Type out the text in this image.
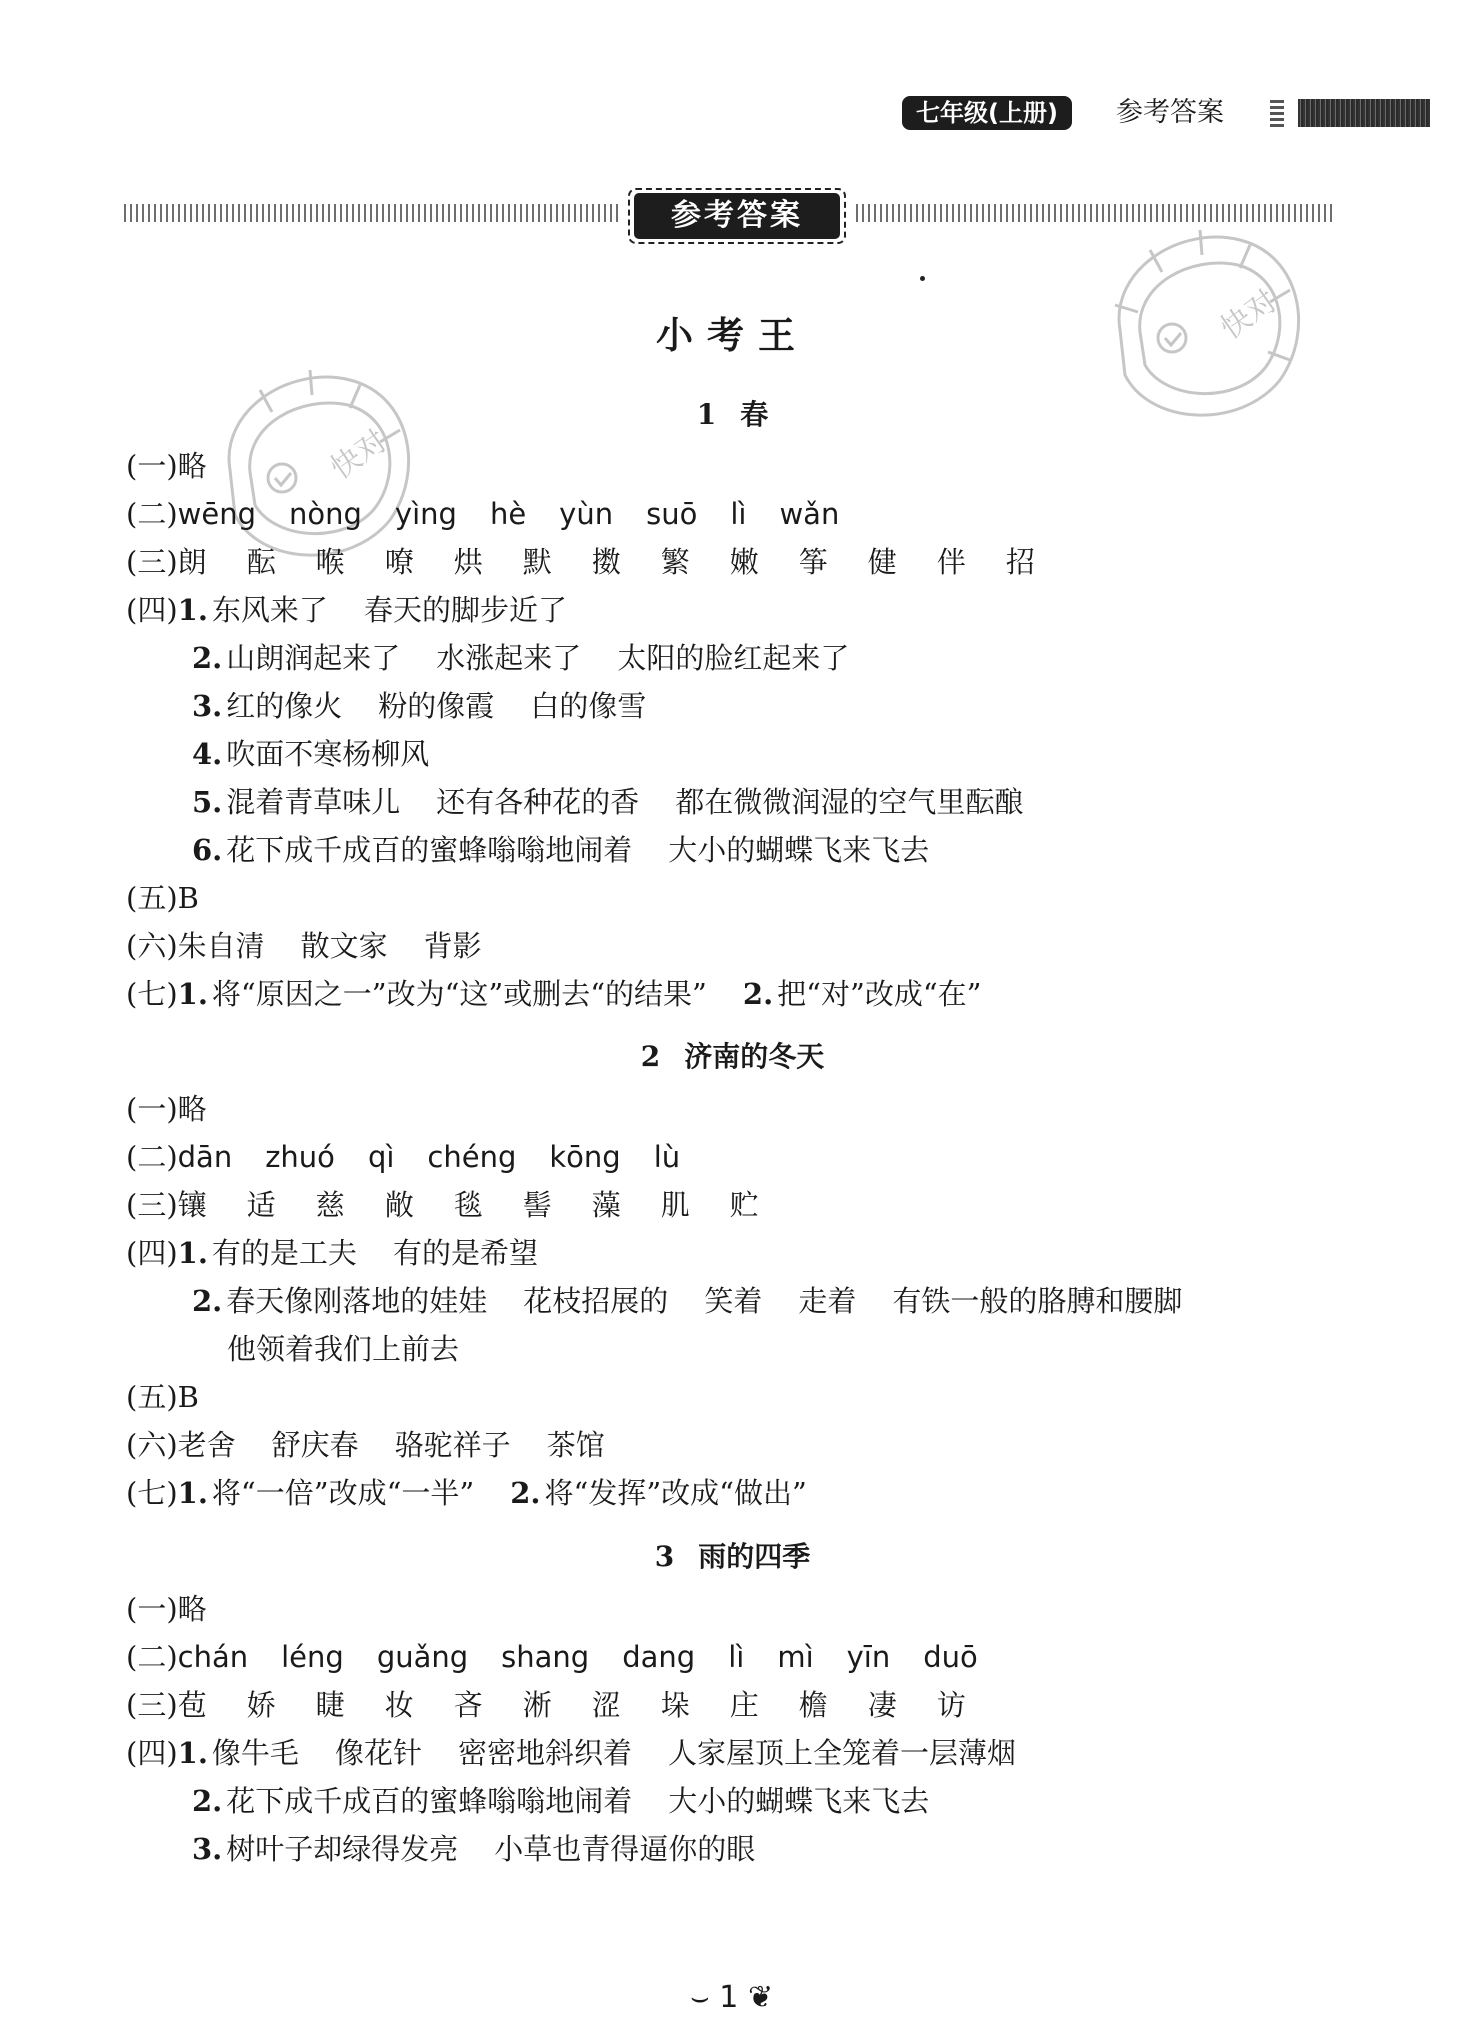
七年级(上册)	参考答案
参考答案
快对
快对
小考王
1 春
(一)略
(二)wēng nòng yìng hè yùn suō lì wǎn
(三)朗 酝 喉 嘹 烘 默 擞 繁 嫩 筝 健 伴 招
(四)1. 东风来了 春天的脚步近了
2. 山朗润起来了 水涨起来了 太阳的脸红起来了
3. 红的像火 粉的像霞 白的像雪
4. 吹面不寒杨柳风
5. 混着青草味儿 还有各种花的香 都在微微润湿的空气里酝酿
6. 花下成千成百的蜜蜂嗡嗡地闹着 大小的蝴蝶飞来飞去
(五)B
(六)朱自清 散文家 背影
(七)1. 将“原因之一”改为“这”或删去“的结果” 2. 把“对”改成“在”
2 济南的冬天
(一)略
(二)dān zhuó qì chéng kōng lù
(三)镶 适 慈 敞 毯 髻 藻 肌 贮
(四)1. 有的是工夫 有的是希望
2. 春天像刚落地的娃娃 花枝招展的 笑着 走着 有铁一般的胳膊和腰脚
他领着我们上前去
(五)B
(六)老舍 舒庆春 骆驼祥子 茶馆
(七)1. 将“一倍”改成“一半” 2. 将“发挥”改成“做出”
3 雨的四季
(一)略
(二)chán léng guǎng shang dang lì mì yīn duō
(三)苞 娇 睫 妆 吝 淅 涩 垛 庄 檐 凄 访
(四)1. 像牛毛 像花针 密密地斜织着 人家屋顶上全笼着一层薄烟
2. 花下成千成百的蜜蜂嗡嗡地闹着 大小的蝴蝶飞来飞去
3. 树叶子却绿得发亮 小草也青得逼你的眼
⌣ 1 ❦
